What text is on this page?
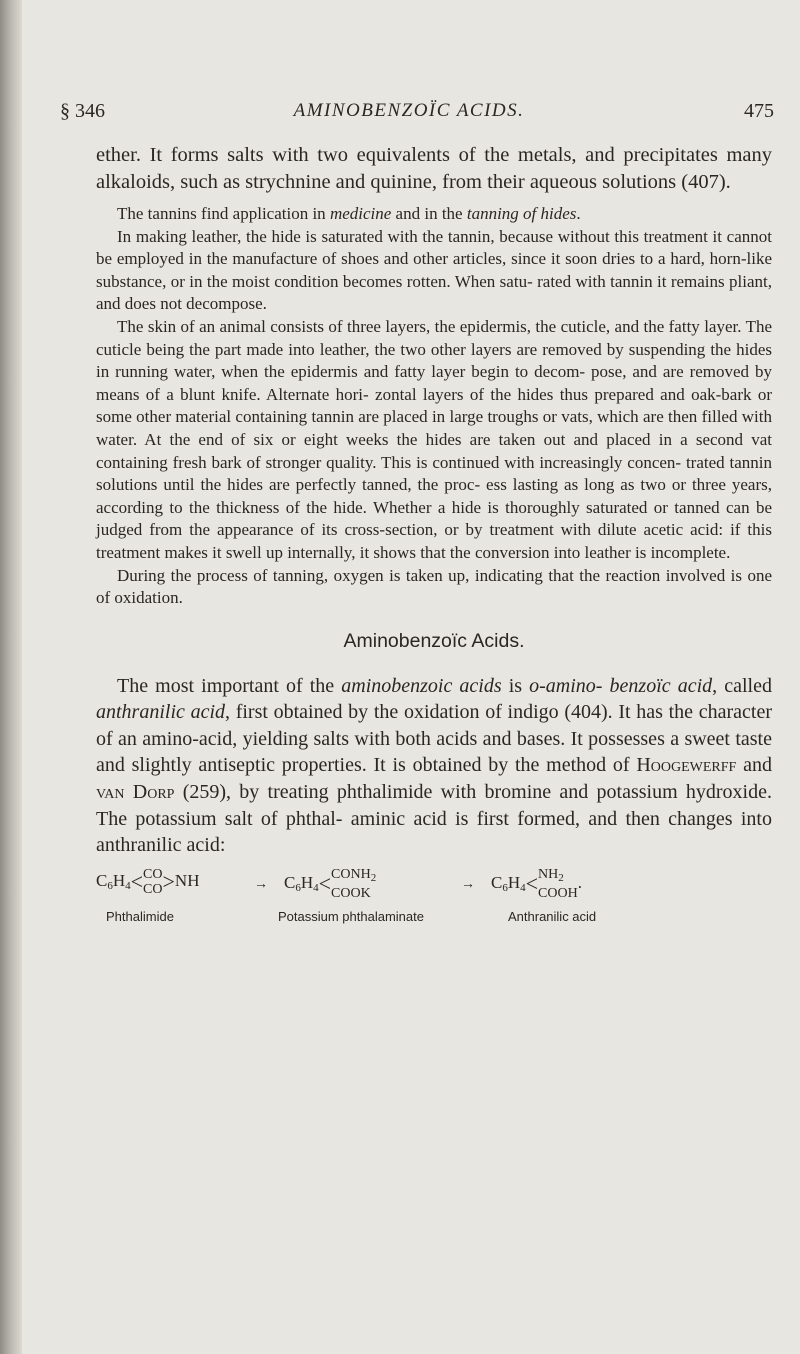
§ 346	AMINOBENZOÏC ACIDS.	475

ether. It forms salts with two equivalents of the metals, and precipitates many alkaloids, such as strychnine and quinine, from their aqueous solutions (407).

The tannins find application in medicine and in the tanning of hides.

In making leather, the hide is saturated with the tannin, because without this treatment it cannot be employed in the manufacture of shoes and other articles, since it soon dries to a hard, horn-like substance, or in the moist condition becomes rotten. When satu- rated with tannin it remains pliant, and does not decompose.

The skin of an animal consists of three layers, the epidermis, the cuticle, and the fatty layer. The cuticle being the part made into leather, the two other layers are removed by suspending the hides in running water, when the epidermis and fatty layer begin to decom- pose, and are removed by means of a blunt knife. Alternate hori- zontal layers of the hides thus prepared and oak-bark or some other material containing tannin are placed in large troughs or vats, which are then filled with water. At the end of six or eight weeks the hides are taken out and placed in a second vat containing fresh bark of stronger quality. This is continued with increasingly concen- trated tannin solutions until the hides are perfectly tanned, the proc- ess lasting as long as two or three years, according to the thickness of the hide. Whether a hide is thoroughly saturated or tanned can be judged from the appearance of its cross-section, or by treatment with dilute acetic acid: if this treatment makes it swell up internally, it shows that the conversion into leather is incomplete.

During the process of tanning, oxygen is taken up, indicating that the reaction involved is one of oxidation.

Aminobenzoïc Acids.

The most important of the aminobenzoic acids is o-amino- benzoïc acid, called anthranilic acid, first obtained by the oxidation of indigo (404). It has the character of an amino-acid, yielding salts with both acids and bases. It possesses a sweet taste and slightly antiseptic properties. It is obtained by the method of Hoogewerff and van Dorp (259), by treating phthalimide with bromine and potassium hydroxide. The potassium salt of phthal- aminic acid is first formed, and then changes into anthranilic acid:

$C_6H_4<CO$
CO>NH	→ $C_6H_4<CONH_2$
COOK
→ $C_6H_4<NH_2$
COOH.
Phthalimide	Potassium phthalaminate	Anthranilic acid
